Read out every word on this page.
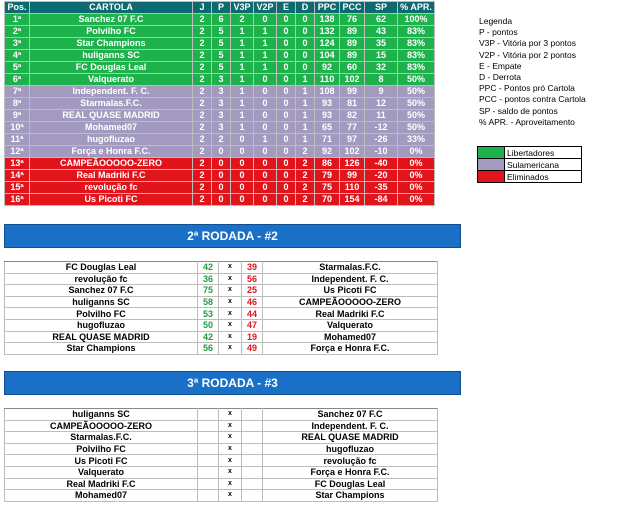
Pos.	CARTOLA	J	P	V3P	V2P	E	D	PPC	PCC	SP	% APR.
1ª	Sanchez 07 F.C	2	6	2	0	0	0	138	76	62	100%
2ª	Polvilho FC	2	5	1	1	0	0	132	89	43	83%
3ª	Star Champions	2	5	1	1	0	0	124	89	35	83%
4ª	huliganns SC	2	5	1	1	0	0	104	89	15	83%
5ª	FC Douglas Leal	2	5	1	1	0	0	92	60	32	83%
6ª	Valquerato	2	3	1	0	0	1	110	102	8	50%
7ª	Independent. F. C.	2	3	1	0	0	1	108	99	9	50%
8ª	Starmalas.F.C.	2	3	1	0	0	1	93	81	12	50%
9ª	REAL QUASE MADRID	2	3	1	0	0	1	93	82	11	50%
10ª	Mohamed07	2	3	1	0	0	1	65	77	-12	50%
11ª	hugofluzao	2	2	0	1	0	1	71	97	-26	33%
12ª	Força e Honra F.C.	2	0	0	0	0	2	92	102	-10	0%
13ª	CAMPEÃOOOOO-ZERO	2	0	0	0	0	2	86	126	-40	0%
14ª	Real Madriki F.C	2	0	0	0	0	2	79	99	-20	0%
15ª	revolução fc	2	0	0	0	0	2	75	110	-35	0%
16ª	Us Picoti FC	2	0	0	0	0	2	70	154	-84	0%
Legenda
P - pontos
V3P - Vitória por 3 pontos
V2P - Vitória por 2 pontos
E - Empate
D - Derrota
PPC - Pontos pró Cartola
PCC - pontos contra Cartola
SP - saldo de pontos
% APR. - Aproveitamento
	Libertadores
	Sulamericana
	Eliminados
2ª RODADA - #2
FC Douglas Leal	42	x	39	Starmalas.F.C.
revolução fc	36	x	56	Independent. F. C.
Sanchez 07 F.C	75	x	25	Us Picoti FC
huliganns SC	58	x	46	CAMPEÃOOOOO-ZERO
Polvilho FC	53	x	44	Real Madriki F.C
hugofluzao	50	x	47	Valquerato
REAL QUASE MADRID	42	x	19	Mohamed07
Star Champions	56	x	49	Força e Honra F.C.
3ª RODADA - #3
huliganns SC		x		Sanchez 07 F.C
CAMPEÃOOOOO-ZERO		x		Independent. F. C.
Starmalas.F.C.		x		REAL QUASE MADRID
Polvilho FC		x		hugofluzao
Us Picoti FC		x		revolução fc
Valquerato		x		Força e Honra F.C.
Real Madriki F.C		x		FC Douglas Leal
Mohamed07		x		Star Champions
